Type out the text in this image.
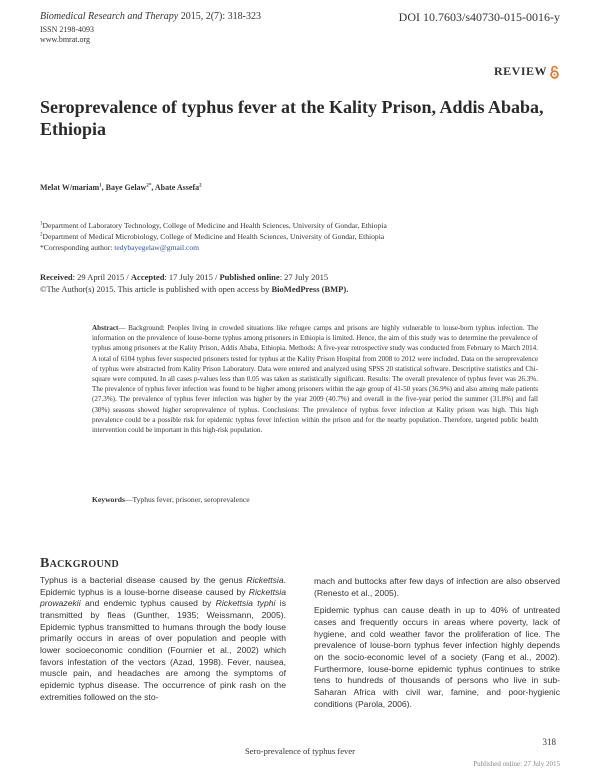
Biomedical Research and Therapy 2015, 2(7): 318-323
ISSN 2198-4093
www.bmrat.org
DOI 10.7603/s40730-015-0016-y
REVIEW
Seroprevalence of typhus fever at the Kality Prison, Addis Ababa, Ethiopia
Melat W/mariam$^1$, Baye Gelaw$^{2*}$, Abate Assefa$^2$
$^1$Department of Laboratory Technology, College of Medicine and Health Sciences, University of Gondar, Ethiopia
$^2$Department of Medical Microbiology, College of Medicine and Health Sciences, University of Gondar, Ethiopia
*Corresponding author: tedybayegelaw@gmail.com
Received: 29 April 2015 / Accepted: 17 July 2015 / Published online: 27 July 2015
©The Author(s) 2015. This article is published with open access by BioMedPress (BMP).
Abstract— Background: Peoples living in crowded situations like refugee camps and prisons are highly vulnerable to louse-born typhus infection. The information on the prevalence of louse-borne typhus among prisoners in Ethiopia is limited. Hence, the aim of this study was to determine the prevalence of typhus among prisoners at the Kality Prison, Addis Ababa, Ethiopia. Methods: A five-year retrospective study was conducted from February to March 2014. A total of 6104 typhus fever suspected prisoners tested for typhus at the Kality Prison Hospital from 2008 to 2012 were included. Data on the seroprevalence of typhus were abstracted from Kality Prison Laboratory. Data were entered and analyzed using SPSS 20 statistical software. Descriptive statistics and Chi-square were computed. In all cases p-values less than 0.05 was taken as statistically significant. Results: The overall prevalence of typhus fever was 26.3%. The prevalence of typhus fever infection was found to be higher among prisoners within the age group of 41-50 years (36.9%) and also among male patients (27.3%). The prevalence of typhus fever infection was higher by the year 2009 (40.7%) and overall in the five-year period the summer (31.8%) and fall (30%) seasons showed higher seroprevalence of typhus. Conclusions: The prevalence of typhus fever infection at Kality prison was high. This high prevalence could be a possible risk for epidemic typhus fever infection within the prison and for the nearby population. Therefore, targeted public health intervention could be important in this high-risk population.
Keywords—Typhus fever, prisoner, seroprevalence
Background

Typhus is a bacterial disease caused by the genus Rickettsia. Epidemic typhus is a louse-borne disease caused by Rickettsia prowazekii and endemic typhus caused by Rickettsia typhi is transmitted by fleas (Gunther, 1935; Weissmann, 2005). Epidemic typhus transmitted to humans through the body louse primarily occurs in areas of over population and people with lower socioeconomic condition (Fournier et al., 2002) which favors infestation of the vectors (Azad, 1998). Fever, nausea, muscle pain, and headaches are among the symptoms of epidemic typhus disease. The occurrence of pink rash on the extremities followed on the sto-

mach and buttocks after few days of infection are also observed (Renesto et al., 2005).

Epidemic typhus can cause death in up to 40% of untreated cases and frequently occurs in areas where poverty, lack of hygiene, and cold weather favor the proliferation of lice. The prevalence of louse-born typhus fever infection highly depends on the socio-economic level of a society (Fang et al., 2002). Furthermore, louse-borne epidemic typhus continues to strike tens to hundreds of thousands of persons who live in sub-Saharan Africa with civil war, famine, and poor-hygienic conditions (Parola, 2006).

318
Sero-prevalence of typhus fever
Published online: 27 July 2015
